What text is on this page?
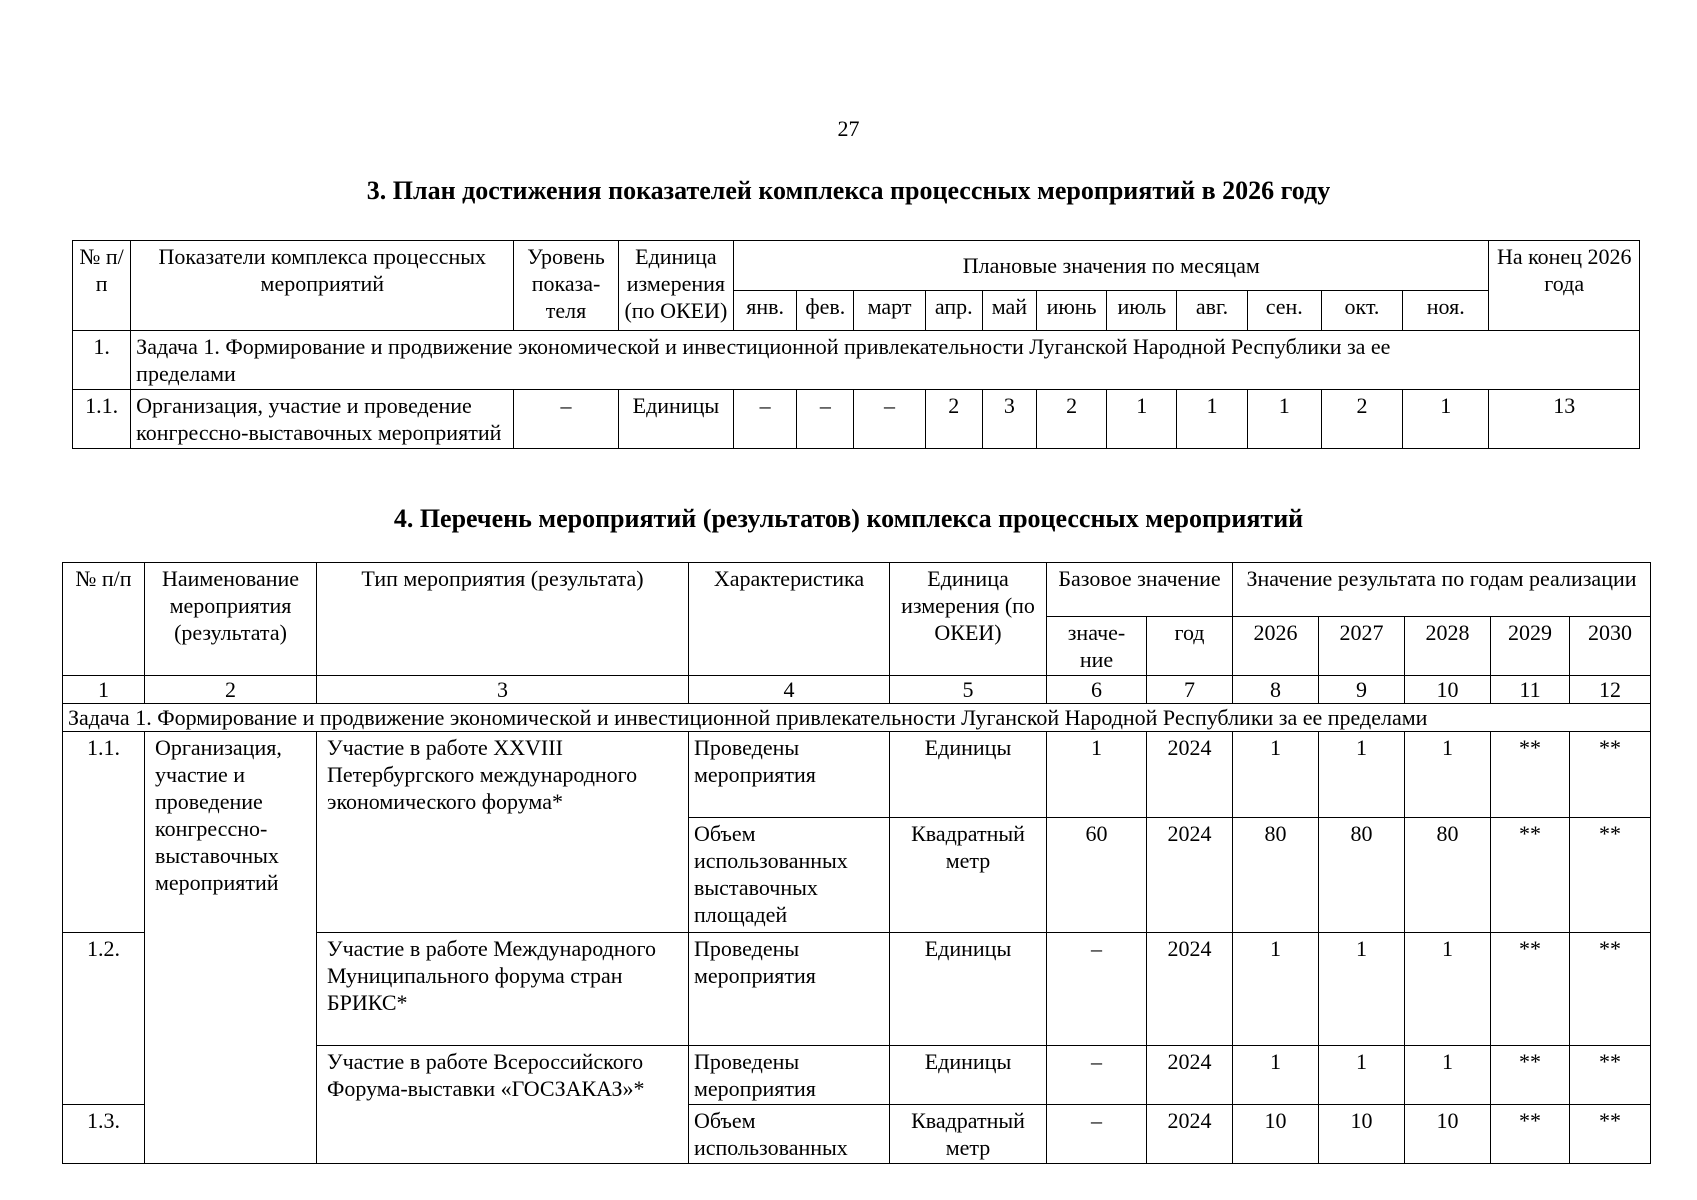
27
3. План достижения показателей комплекса процессных мероприятий в 2026 году
№ п/п	Показатели комплекса процессных мероприятий	Уровень показа-теля	Единица измерения (по ОКЕИ)	Плановые значения по месяцам											На конец 2026 года
				янв.	фев.	март	апр.	май	июнь	июль	авг.	сен.	окт.	ноя.	
1.	Задача 1. Формирование и продвижение экономической и инвестиционной привлекательности Луганской Народной Республики за ее пределами														
1.1.	Организация, участие и проведение конгрессно-выставочных мероприятий	–	Единицы	–	–	–	2	3	2	1	1	1	2	1	13
4. Перечень мероприятий (результатов) комплекса процессных мероприятий
№ п/п	Наименование мероприятия (результата)	Тип мероприятия (результата)	Характеристика	Единица измерения (по ОКЕИ)	Базовое значение		Значение результата по годам реализации				
					значе-ние	год	2026	2027	2028	2029	2030
1	2	3	4	5	6	7	8	9	10	11	12
Задача 1. Формирование и продвижение экономической и инвестиционной привлекательности Луганской Народной Республики за ее пределами											
1.1.	Организация, участие и проведение конгрессно-выставочных мероприятий	Участие в работе XXVIII Петербургского международного экономического форума*	Проведены мероприятия	Единицы	1	2024	1	1	1	**	**
			Объем использованных выставочных площадей	Квадратный метр	60	2024	80	80	80	**	**
1.2.		Участие в работе Международного Муниципального форума стран БРИКС*	Проведены мероприятия	Единицы	–	2024	1	1	1	**	**
		Участие в работе Всероссийского Форума-выставки «ГОСЗАКАЗ»*	Проведены мероприятия	Единицы	–	2024	1	1	1	**	**
1.3.			Объем использованных	Квадратный метр	–	2024	10	10	10	**	**
